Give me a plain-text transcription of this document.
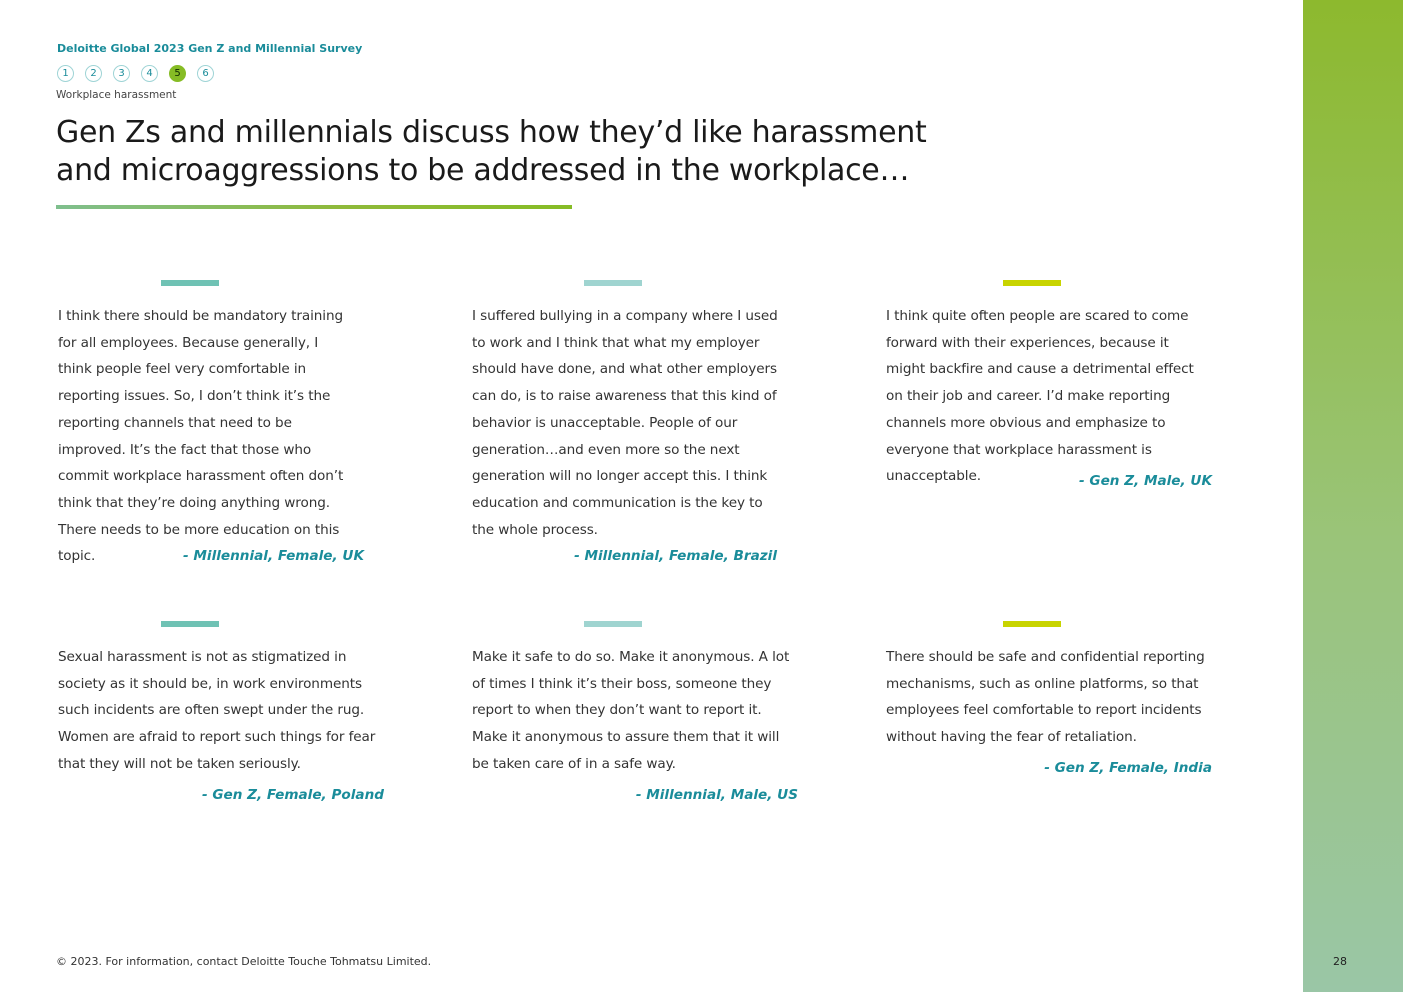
Deloitte Global 2023 Gen Z and Millennial Survey
1	2	3	4	5	6
Workplace harassment
Gen Zs and millennials discuss how they’d like harassment and microaggressions to be addressed in the workplace…

I think there should be mandatory training for all employees. Because generally, I think people feel very comfortable in reporting issues. So, I don’t think it’s the reporting channels that need to be improved. It’s the fact that those who commit workplace harassment often don’t think that they’re doing anything wrong. There needs to be more education on this topic.	- Millennial, Female, UK

I suffered bullying in a company where I used to work and I think that what my employer should have done, and what other employers can do, is to raise awareness that this kind of behavior is unacceptable. People of our generation…and even more so the next generation will no longer accept this. I think education and communication is the key to the whole process.

- Millennial, Female, Brazil

I think quite often people are scared to come forward with their experiences, because it might backfire and cause a detrimental effect on their job and career. I’d make reporting channels more obvious and emphasize to everyone that workplace harassment is unacceptable.	- Gen Z, Male, UK

Sexual harassment is not as stigmatized in society as it should be, in work environments such incidents are often swept under the rug. Women are afraid to report such things for fear that they will not be taken seriously.

- Gen Z, Female, Poland

Make it safe to do so. Make it anonymous. A lot of times I think it’s their boss, someone they report to when they don’t want to report it. Make it anonymous to assure them that it will be taken care of in a safe way.

- Millennial, Male, US

There should be safe and confidential reporting mechanisms, such as online platforms, so that employees feel comfortable to report incidents without having the fear of retaliation.

- Gen Z, Female, India
© 2023. For information, contact Deloitte Touche Tohmatsu Limited.	28
